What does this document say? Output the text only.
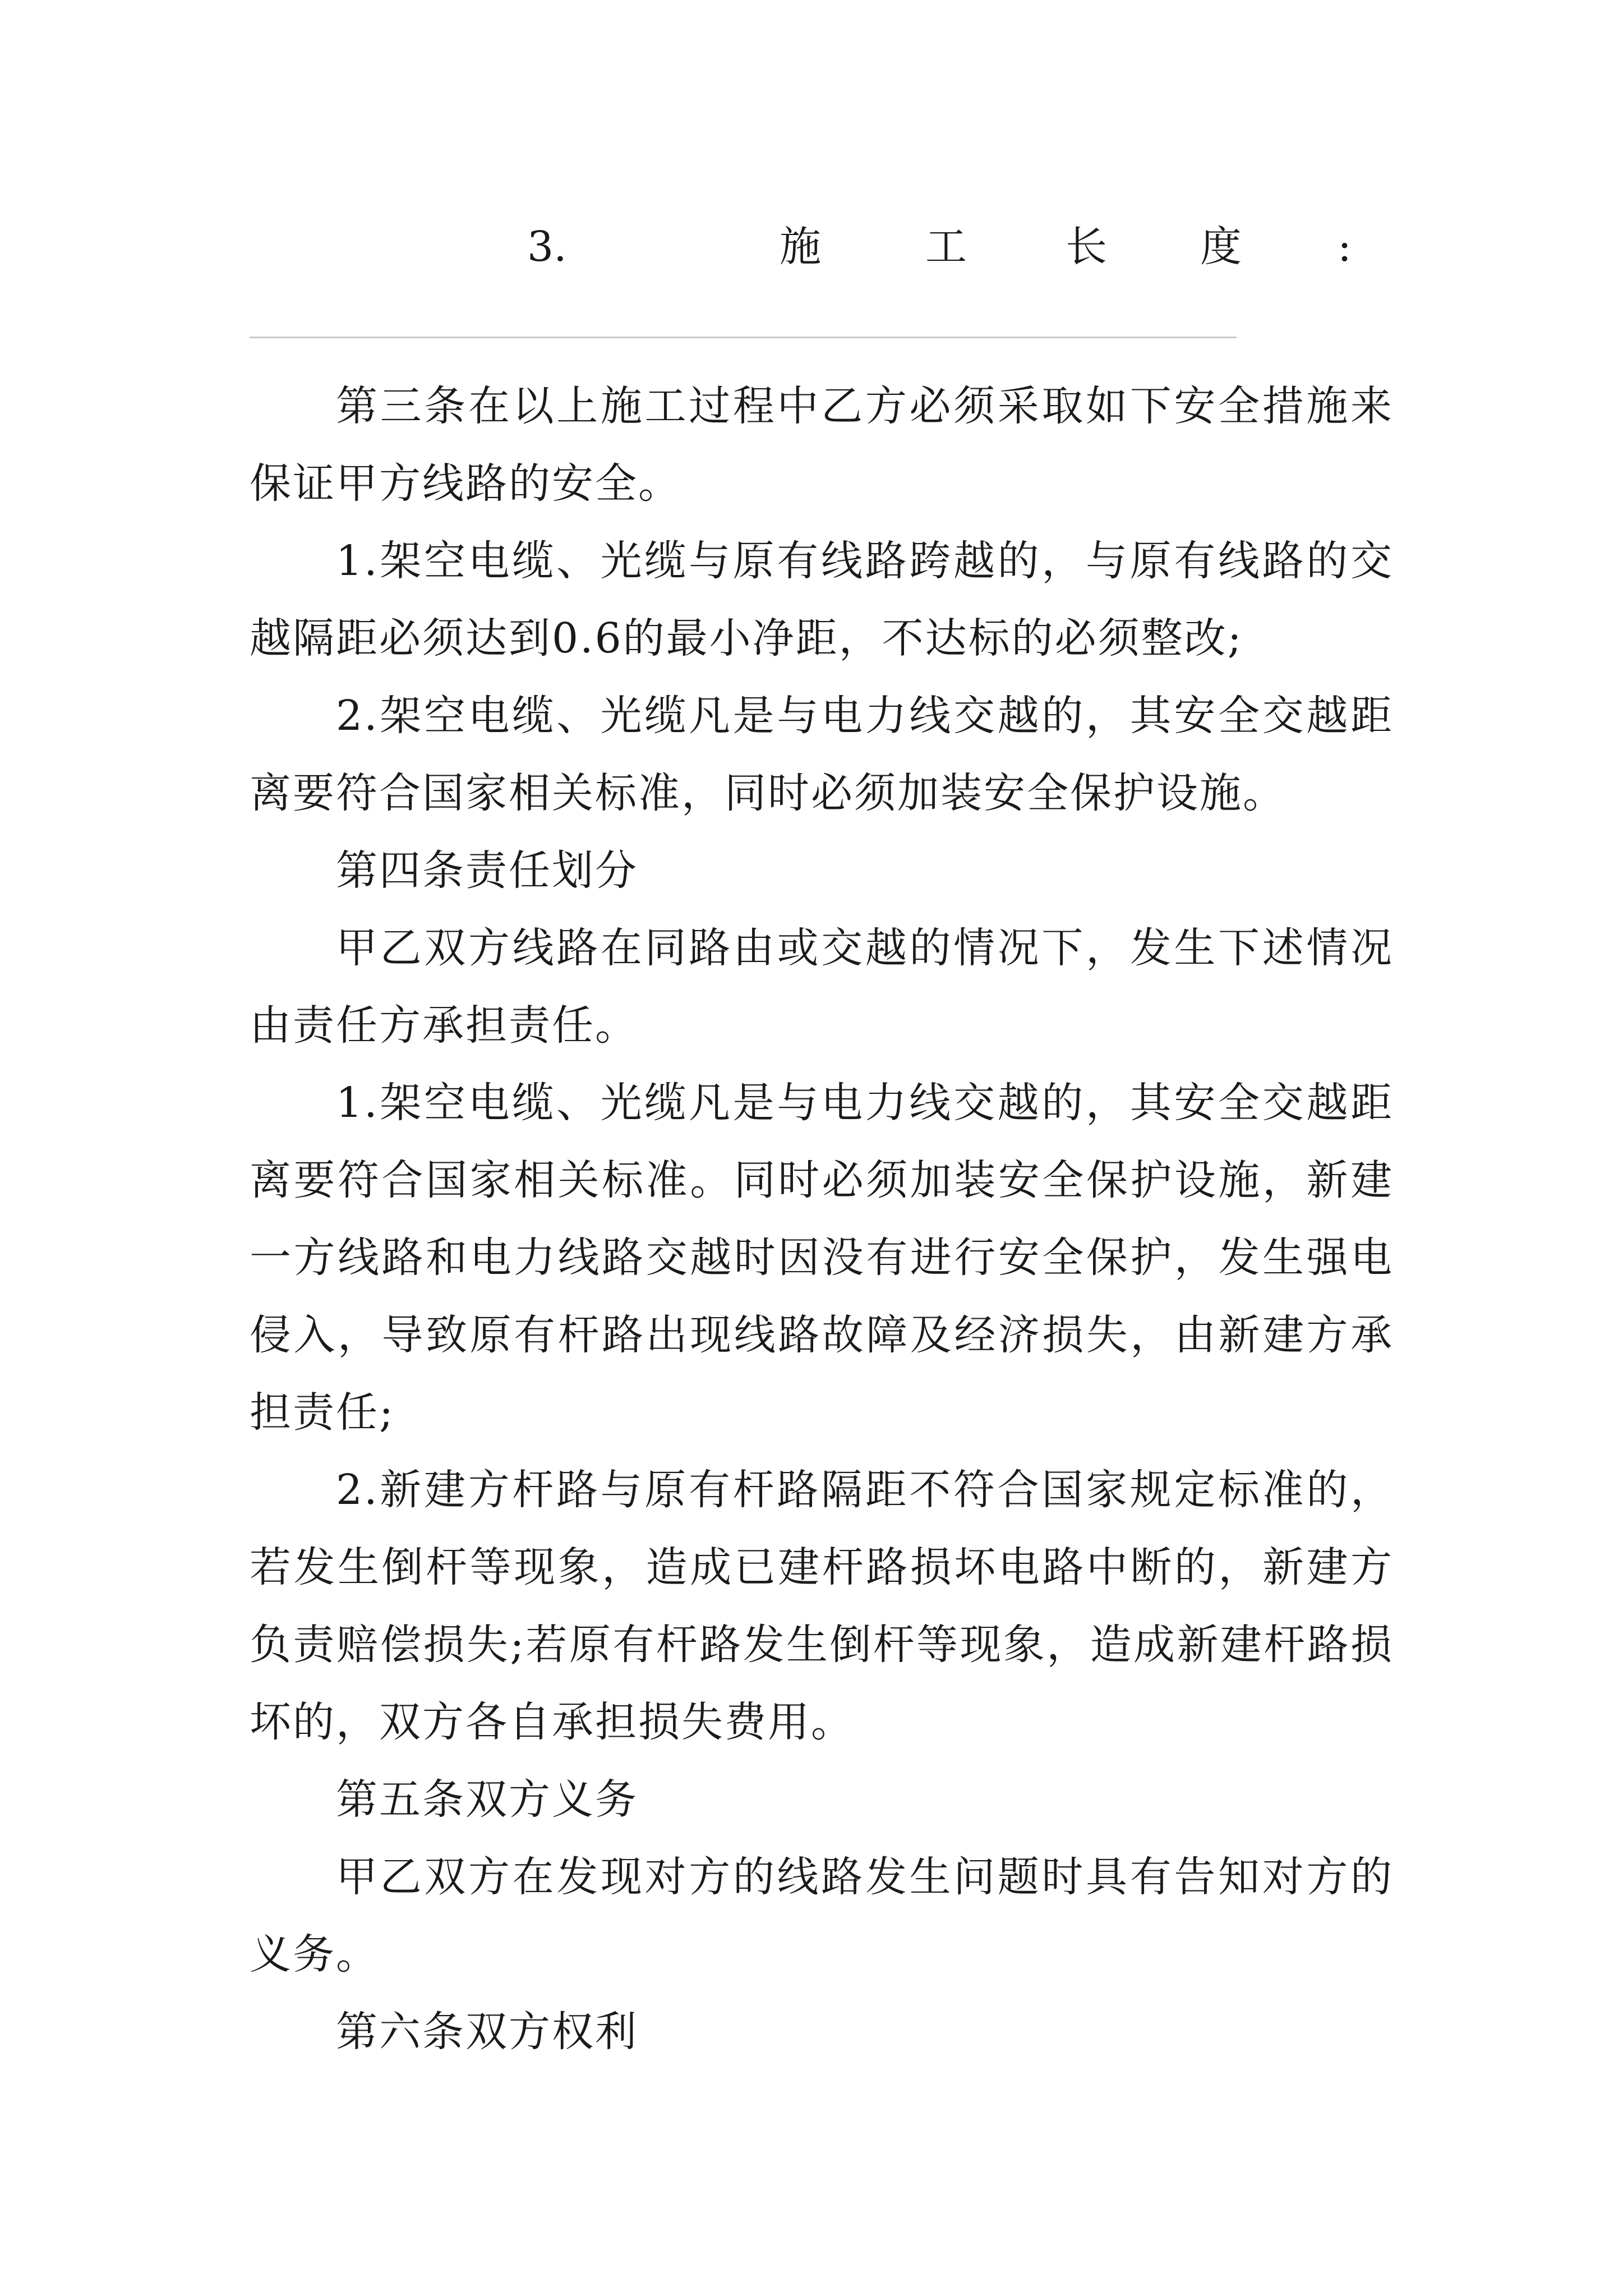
3.	施	工 长 度 :

第三条在以上施工过程中乙方必须采取如下安全措施来保证甲方线路的安全。

1.架空电缆、光缆与原有线路跨越的，与原有线路的交越隔距必须达到0.6的最小净距，不达标的必须整改;

2.架空电缆、光缆凡是与电力线交越的，其安全交越距离要符合国家相关标准，同时必须加装安全保护设施。

第四条责任划分

甲乙双方线路在同路由或交越的情况下，发生下述情况由责任方承担责任。

1.架空电缆、光缆凡是与电力线交越的，其安全交越距离要符合国家相关标准。同时必须加装安全保护设施，新建一方线路和电力线路交越时因没有进行安全保护，发生强电侵入，导致原有杆路出现线路故障及经济损失，由新建方承担责任;

2.新建方杆路与原有杆路隔距不符合国家规定标准的，若发生倒杆等现象，造成已建杆路损坏电路中断的，新建方负责赔偿损失;若原有杆路发生倒杆等现象，造成新建杆路损坏的，双方各自承担损失费用。

第五条双方义务

甲乙双方在发现对方的线路发生问题时具有告知对方的义务。

第六条双方权利
